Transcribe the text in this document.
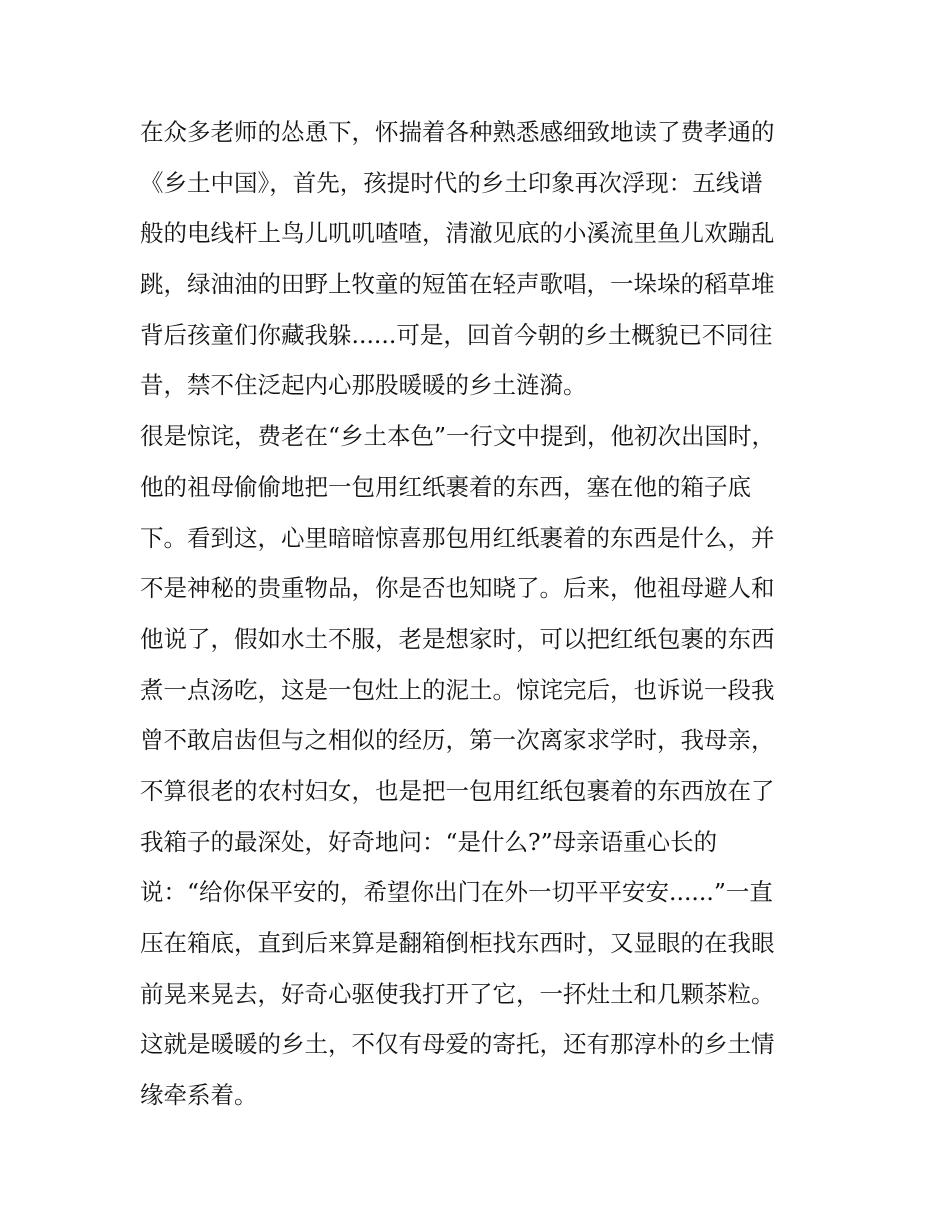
在众多老师的怂恿下，怀揣着各种熟悉感细致地读了费孝通的
《乡土中国》，首先，孩提时代的乡土印象再次浮现：五线谱
般的电线杆上鸟儿叽叽喳喳，清澈见底的小溪流里鱼儿欢蹦乱
跳，绿油油的田野上牧童的短笛在轻声歌唱，一垛垛的稻草堆
背后孩童们你藏我躲......可是，回首今朝的乡土概貌已不同往
昔，禁不住泛起内心那股暖暖的乡土涟漪。
很是惊诧，费老在“乡土本色”一行文中提到，他初次出国时，
他的祖母偷偷地把一包用红纸裹着的东西，塞在他的箱子底
下。看到这，心里暗暗惊喜那包用红纸裹着的东西是什么，并
不是神秘的贵重物品，你是否也知晓了。后来，他祖母避人和
他说了，假如水土不服，老是想家时，可以把红纸包裹的东西
煮一点汤吃，这是一包灶上的泥土。惊诧完后，也诉说一段我
曾不敢启齿但与之相似的经历，第一次离家求学时，我母亲，
不算很老的农村妇女，也是把一包用红纸包裹着的东西放在了
我箱子的最深处，好奇地问：“是什么?”母亲语重心长的
说：“给你保平安的，希望你出门在外一切平平安安......”一直
压在箱底，直到后来算是翻箱倒柜找东西时，又显眼的在我眼
前晃来晃去，好奇心驱使我打开了它，一抔灶土和几颗茶粒。
这就是暖暖的乡土，不仅有母爱的寄托，还有那淳朴的乡土情
缘牵系着。
